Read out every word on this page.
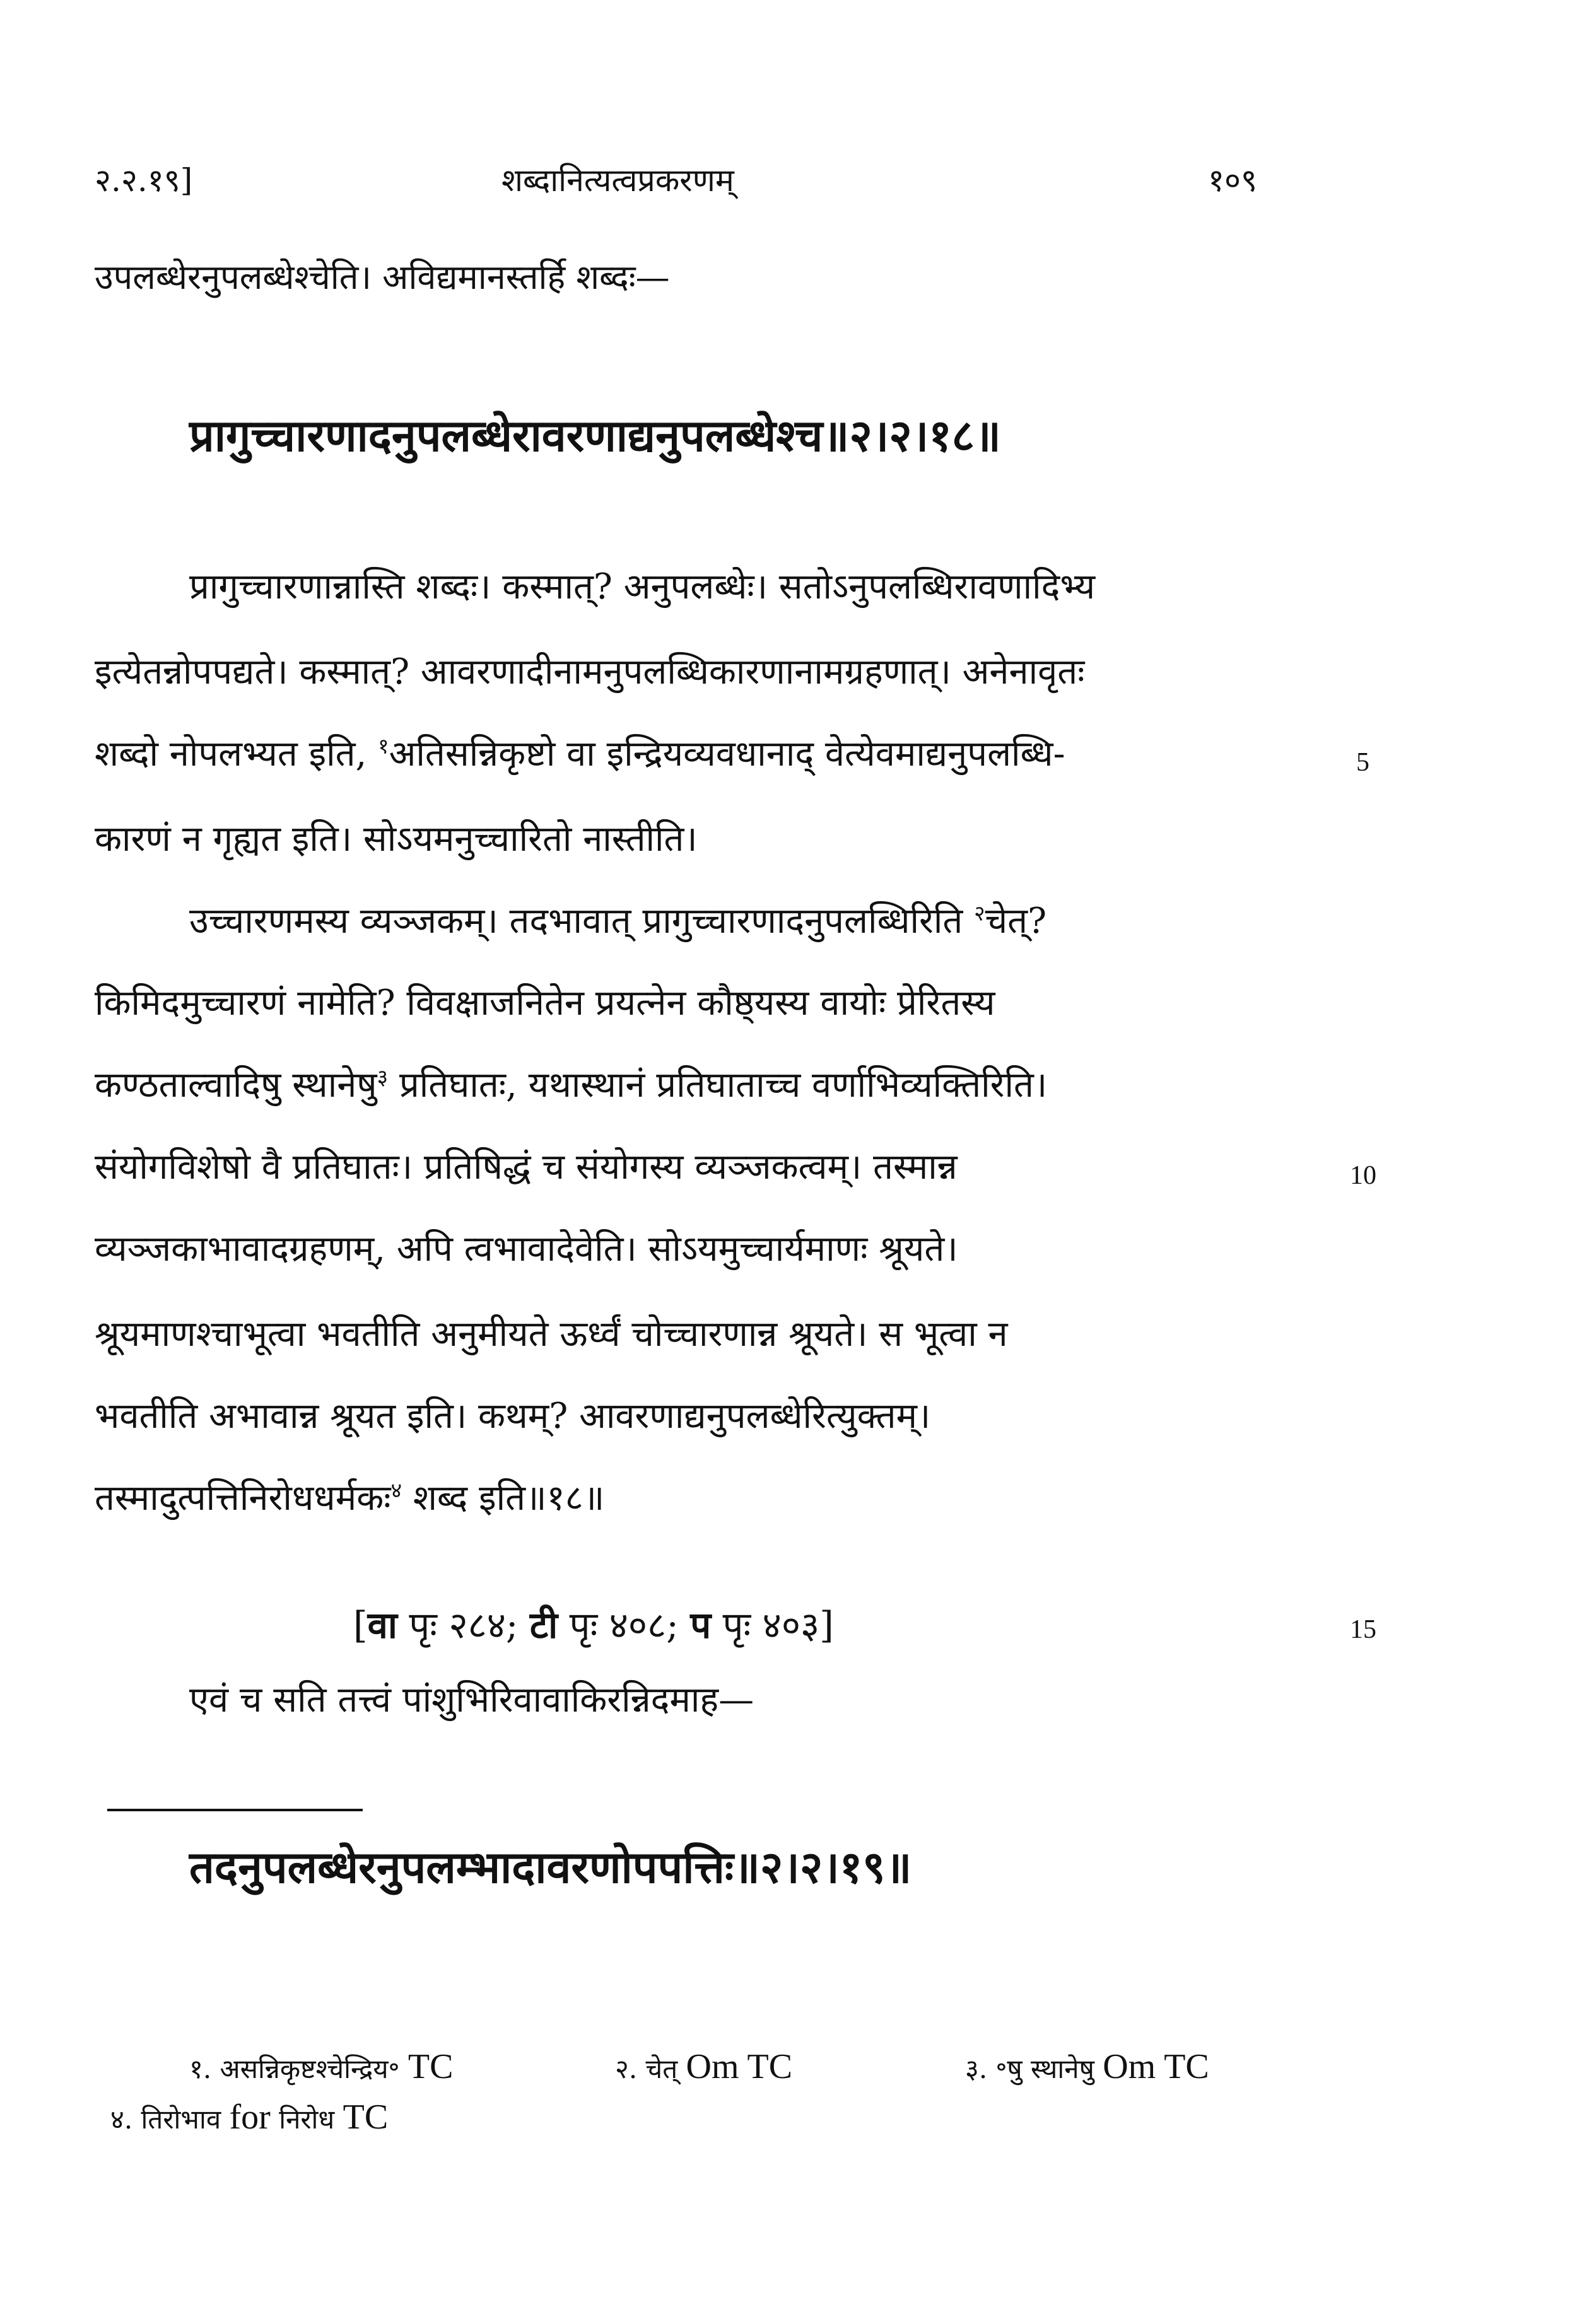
२.२.१९]	शब्दानित्यत्वप्रकरणम्	१०९
उपलब्धेरनुपलब्धेश्चेति। अविद्यमानस्तर्हि शब्दः—
प्रागुच्चारणादनुपलब्धेरावरणाद्यनुपलब्धेश्च॥२।२।१८॥
प्रागुच्चारणान्नास्ति शब्दः। कस्मात्? अनुपलब्धेः। सतोऽनुपलब्धिरावणादिभ्य
इत्येतन्नोपपद्यते। कस्मात्? आवरणादीनामनुपलब्धिकारणानामग्रहणात्। अनेनावृतः
शब्दो नोपलभ्यत इति, $^१$अतिसन्निकृष्टो वा इन्द्रियव्यवधानाद् वेत्येवमाद्यनुपलब्धि-
कारणं न गृह्यत इति। सोऽयमनुच्चारितो नास्तीति।
उच्चारणमस्य व्यञ्जकम्। तदभावात् प्रागुच्चारणादनुपलब्धिरिति $^२$चेत्?
किमिदमुच्चारणं नामेति? विवक्षाजनितेन प्रयत्नेन कौष्ठ्यस्य वायोः प्रेरितस्य
कण्ठताल्वादिषु स्थानेषु$^३$ प्रतिघातः, यथास्थानं प्रतिघाताच्च वर्णाभिव्यक्तिरिति।
संयोगविशेषो वै प्रतिघातः। प्रतिषिद्धं च संयोगस्य व्यञ्जकत्वम्। तस्मान्न
व्यञ्जकाभावादग्रहणम्, अपि त्वभावादेवेति। सोऽयमुच्चार्यमाणः श्रूयते।
श्रूयमाणश्चाभूत्वा भवतीति अनुमीयते ऊर्ध्वं चोच्चारणान्न श्रूयते। स भूत्वा न
भवतीति अभावान्न श्रूयत इति। कथम्? आवरणाद्यनुपलब्धेरित्युक्तम्।
तस्मादुत्पत्तिनिरोधधर्मकः$^४$ शब्द इति॥१८॥
5
10
15
[वा पृः २८४; टी पृः ४०८; प पृः ४०३]
एवं च सति तत्त्वं पांशुभिरिवावाकिरन्निदमाह—
तदनुपलब्धेरनुपलम्भादावरणोपपत्तिः॥२।२।१९॥
१. असन्निकृष्टश्चेन्द्रिय॰ TC	२. चेत् Om TC	३. ॰षु स्थानेषु Om TC
४. तिरोभाव for निरोध TC
